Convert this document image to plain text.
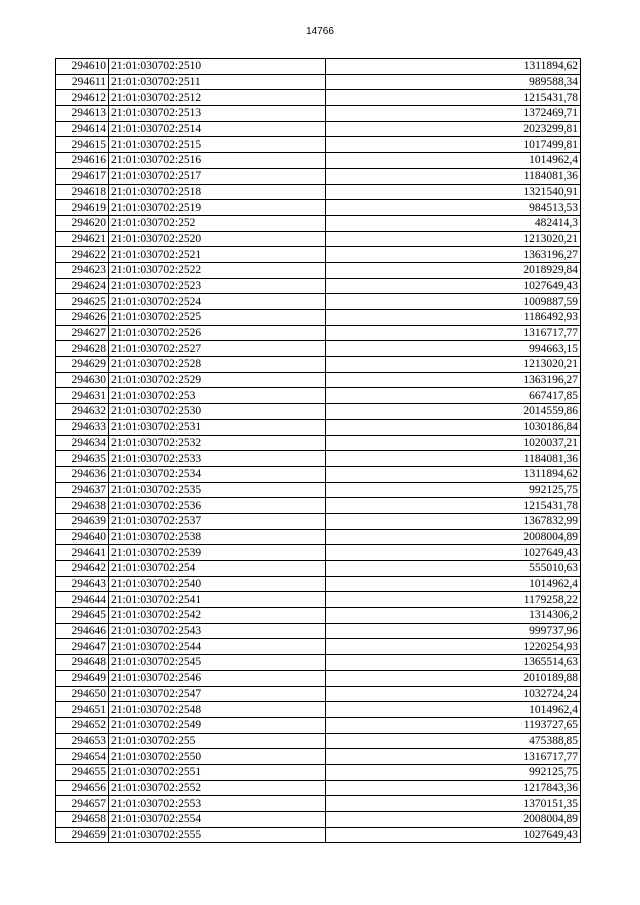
14766
294610	21:01:030702:2510	1311894,62
294611	21:01:030702:2511	989588,34
294612	21:01:030702:2512	1215431,78
294613	21:01:030702:2513	1372469,71
294614	21:01:030702:2514	2023299,81
294615	21:01:030702:2515	1017499,81
294616	21:01:030702:2516	1014962,4
294617	21:01:030702:2517	1184081,36
294618	21:01:030702:2518	1321540,91
294619	21:01:030702:2519	984513,53
294620	21:01:030702:252	482414,3
294621	21:01:030702:2520	1213020,21
294622	21:01:030702:2521	1363196,27
294623	21:01:030702:2522	2018929,84
294624	21:01:030702:2523	1027649,43
294625	21:01:030702:2524	1009887,59
294626	21:01:030702:2525	1186492,93
294627	21:01:030702:2526	1316717,77
294628	21:01:030702:2527	994663,15
294629	21:01:030702:2528	1213020,21
294630	21:01:030702:2529	1363196,27
294631	21:01:030702:253	667417,85
294632	21:01:030702:2530	2014559,86
294633	21:01:030702:2531	1030186,84
294634	21:01:030702:2532	1020037,21
294635	21:01:030702:2533	1184081,36
294636	21:01:030702:2534	1311894,62
294637	21:01:030702:2535	992125,75
294638	21:01:030702:2536	1215431,78
294639	21:01:030702:2537	1367832,99
294640	21:01:030702:2538	2008004,89
294641	21:01:030702:2539	1027649,43
294642	21:01:030702:254	555010,63
294643	21:01:030702:2540	1014962,4
294644	21:01:030702:2541	1179258,22
294645	21:01:030702:2542	1314306,2
294646	21:01:030702:2543	999737,96
294647	21:01:030702:2544	1220254,93
294648	21:01:030702:2545	1365514,63
294649	21:01:030702:2546	2010189,88
294650	21:01:030702:2547	1032724,24
294651	21:01:030702:2548	1014962,4
294652	21:01:030702:2549	1193727,65
294653	21:01:030702:255	475388,85
294654	21:01:030702:2550	1316717,77
294655	21:01:030702:2551	992125,75
294656	21:01:030702:2552	1217843,36
294657	21:01:030702:2553	1370151,35
294658	21:01:030702:2554	2008004,89
294659	21:01:030702:2555	1027649,43
